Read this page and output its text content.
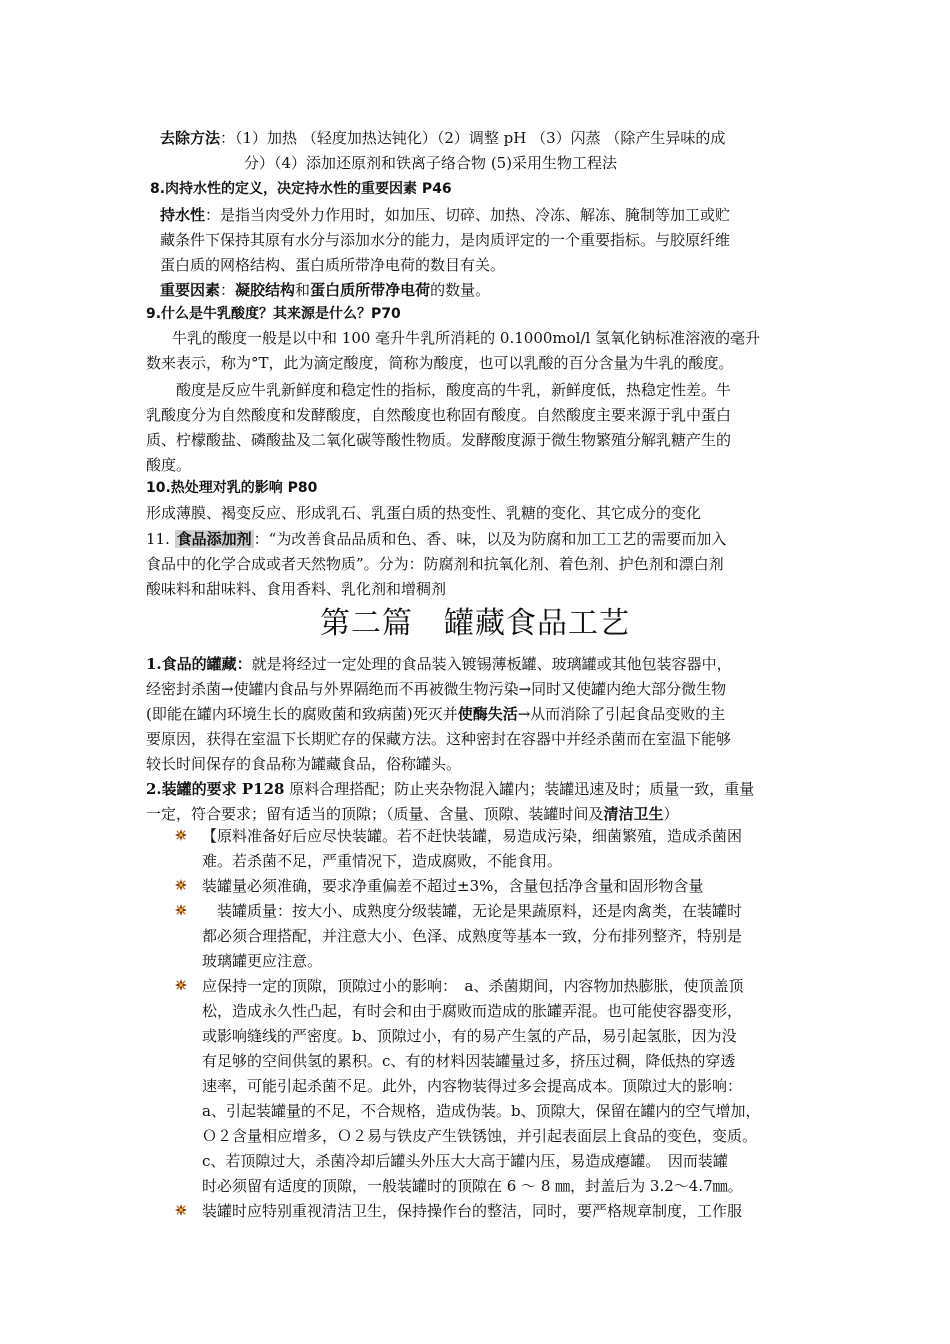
去除方法：（1）加热 （轻度加热达钝化）（2）调整 pH （3）闪蒸 （除产生异味的成
分）（4）添加还原剂和铁离子络合物 (5)采用生物工程法
8.肉持水性的定义，决定持水性的重要因素 P46
持水性：是指当肉受外力作用时，如加压、切碎、加热、冷冻、解冻、腌制等加工或贮
藏条件下保持其原有水分与添加水分的能力，是肉质评定的一个重要指标。与胶原纤维
蛋白质的网格结构、蛋白质所带净电荷的数目有关。
重要因素：凝胶结构和蛋白质所带净电荷的数量。
9.什么是牛乳酸度？其来源是什么？P70
牛乳的酸度一般是以中和 100 毫升牛乳所消耗的 0.1000mol/l 氢氧化钠标准溶液的毫升
数来表示，称为°T，此为滴定酸度，简称为酸度，也可以乳酸的百分含量为牛乳的酸度。
酸度是反应牛乳新鲜度和稳定性的指标，酸度高的牛乳，新鲜度低，热稳定性差。牛
乳酸度分为自然酸度和发酵酸度，自然酸度也称固有酸度。自然酸度主要来源于乳中蛋白
质、柠檬酸盐、磷酸盐及二氧化碳等酸性物质。发酵酸度源于微生物繁殖分解乳糖产生的
酸度。
10.热处理对乳的影响 P80
形成薄膜、褐变反应、形成乳石、乳蛋白质的热变性、乳糖的变化、其它成分的变化
11. 食品添加剂 ：“为改善食品品质和色、香、味，以及为防腐和加工工艺的需要而加入
食品中的化学合成或者天然物质”。分为：防腐剂和抗氧化剂、着色剂、护色剂和漂白剂
酸味料和甜味料、食用香料、乳化剂和增稠剂
第二篇　罐藏食品工艺
1.食品的罐藏：就是将经过一定处理的食品装入镀锡薄板罐、玻璃罐或其他包装容器中，
经密封杀菌→使罐内食品与外界隔绝而不再被微生物污染→同时又使罐内绝大部分微生物
(即能在罐内环境生长的腐败菌和致病菌)死灭并使酶失活→从而消除了引起食品变败的主
要原因，获得在室温下长期贮存的保藏方法。这种密封在容器中并经杀菌而在室温下能够
较长时间保存的食品称为罐藏食品，俗称罐头。
2.装罐的要求 P128 原料合理搭配；防止夹杂物混入罐内；装罐迅速及时；质量一致，重量
一定，符合要求；留有适当的顶隙；（质量、含量、顶隙、装罐时间及清洁卫生）
【原料准备好后应尽快装罐。若不赶快装罐，易造成污染，细菌繁殖，造成杀菌困
难。若杀菌不足，严重情况下，造成腐败，不能食用。
装罐量必须准确，要求净重偏差不超过±3%，含量包括净含量和固形物含量
　装罐质量：按大小、成熟度分级装罐，无论是果蔬原料，还是肉禽类，在装罐时
都必须合理搭配，并注意大小、色泽、成熟度等基本一致，分布排列整齐，特别是
玻璃罐更应注意。
应保持一定的顶隙，顶隙过小的影响：　a、杀菌期间，内容物加热膨胀，使顶盖顶
松，造成永久性凸起，有时会和由于腐败而造成的胀罐弄混。也可能使容器变形，
或影响缝线的严密度。b、顶隙过小，有的易产生氢的产品，易引起氢胀，因为没
有足够的空间供氢的累积。c、有的材料因装罐量过多，挤压过稠，降低热的穿透
速率，可能引起杀菌不足。此外，内容物装得过多会提高成本。顶隙过大的影响：
a、引起装罐量的不足，不合规格，造成伪装。b、顶隙大，保留在罐内的空气增加，
Ｏ２含量相应增多，Ｏ２易与铁皮产生铁锈蚀，并引起表面层上食品的变色，变质。
c、若顶隙过大，杀菌冷却后罐头外压大大高于罐内压，易造成瘪罐。　因而装罐
时必须留有适度的顶隙，一般装罐时的顶隙在 6 ～ 8 ㎜，封盖后为 3.2～4.7㎜。
装罐时应特别重视清洁卫生，保持操作台的整洁，同时，要严格规章制度，工作服
